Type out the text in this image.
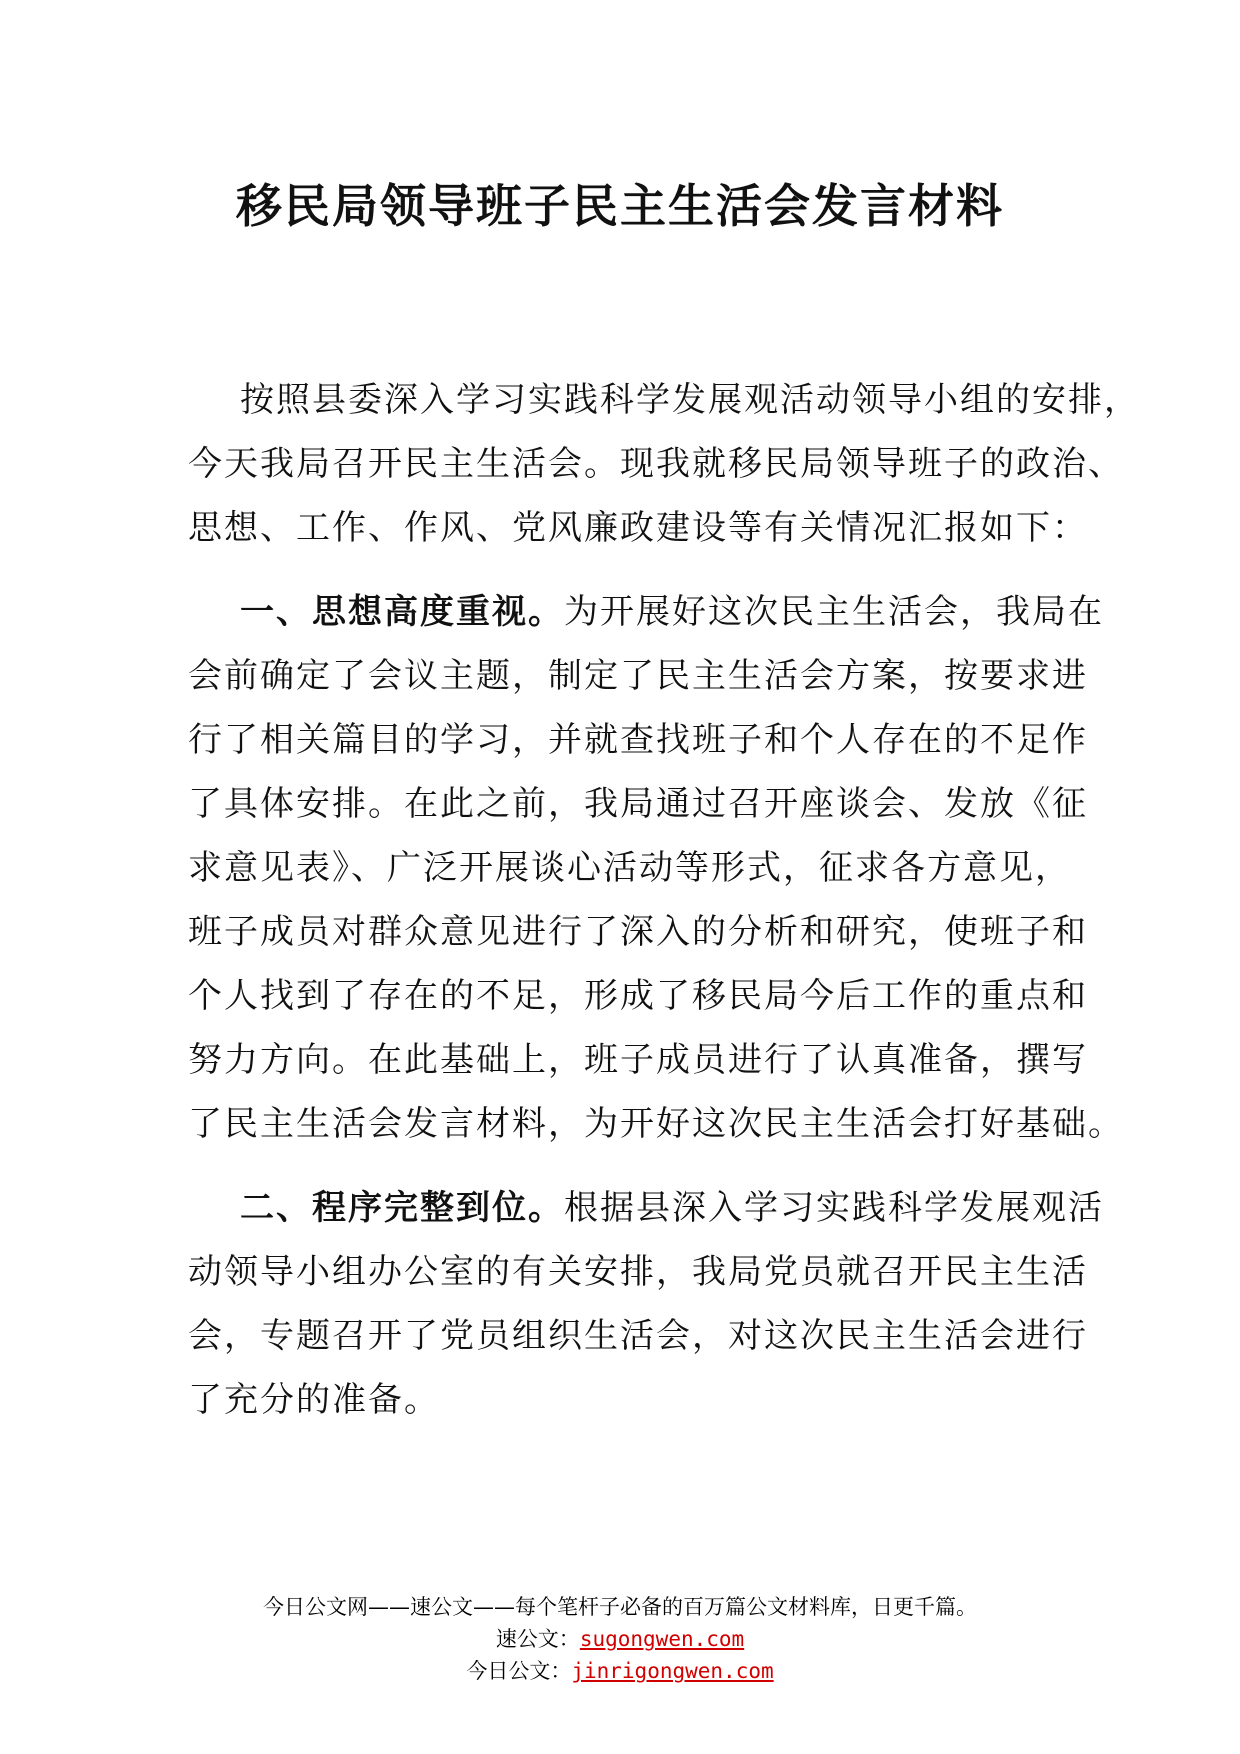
移民局领导班子民主生活会发言材料
按照县委深入学习实践科学发展观活动领导小组的安排，
今天我局召开民主生活会。现我就移民局领导班子的政治、
思想、工作、作风、党风廉政建设等有关情况汇报如下：
一、思想高度重视。为开展好这次民主生活会，我局在
会前确定了会议主题，制定了民主生活会方案，按要求进
行了相关篇目的学习，并就查找班子和个人存在的不足作
了具体安排。在此之前，我局通过召开座谈会、发放《征
求意见表》、广泛开展谈心活动等形式，征求各方意见，
班子成员对群众意见进行了深入的分析和研究，使班子和
个人找到了存在的不足，形成了移民局今后工作的重点和
努力方向。在此基础上，班子成员进行了认真准备，撰写
了民主生活会发言材料，为开好这次民主生活会打好基础。
二、程序完整到位。根据县深入学习实践科学发展观活
动领导小组办公室的有关安排，我局党员就召开民主生活
会，专题召开了党员组织生活会，对这次民主生活会进行
了充分的准备。
今日公文网——速公文——每个笔杆子必备的百万篇公文材料库，日更千篇。
速公文：sugongwen.com
今日公文：jinrigongwen.com
